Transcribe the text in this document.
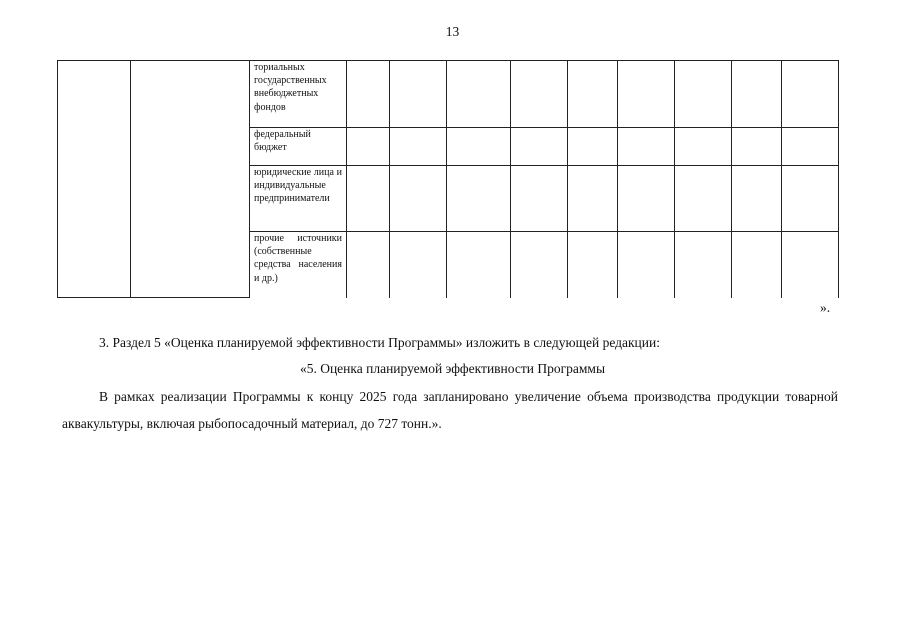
13
		ториальных государственных внебюджетных фондов									
		федеральный бюджет									
		юридические лица и индивидуальные предприниматели									
		прочие источники (собственные средства населения и др.)									
».

3. Раздел 5 «Оценка планируемой эффективности Программы» изложить в следующей редакции:

«5. Оценка планируемой эффективности Программы

В рамках реализации Программы к концу 2025 года запланировано увеличение объема производства продукции товарной аквакультуры, включая рыбопосадочный материал, до 727 тонн.».
